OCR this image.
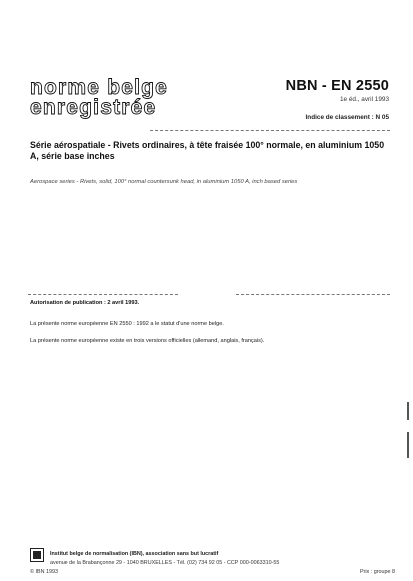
norme belge
enregistrée
NBN - EN 2550
1e éd., avril 1993
Indice de classement : N 05
Série aérospatiale - Rivets ordinaires, à tête fraisée 100° normale, en aluminium 1050 A, série base inches
Aerospace series - Rivets, solid, 100° normal countersunk head, in aluminium 1050 A, inch based series
Autorisation de publication : 2 avril 1993.
La présente norme européenne EN 2550 : 1992 a le statut d'une norme belge.
La présente norme européenne existe en trois versions officielles (allemand, anglais, français).
Institut belge de normalisation (IBN), association sans but lucratif
avenue de la Brabançonne 29 - 1040 BRUXELLES - Tél. (02) 734 92 05 - CCP 000-0063310-55
© IBN 1993	Prix : groupe 8
